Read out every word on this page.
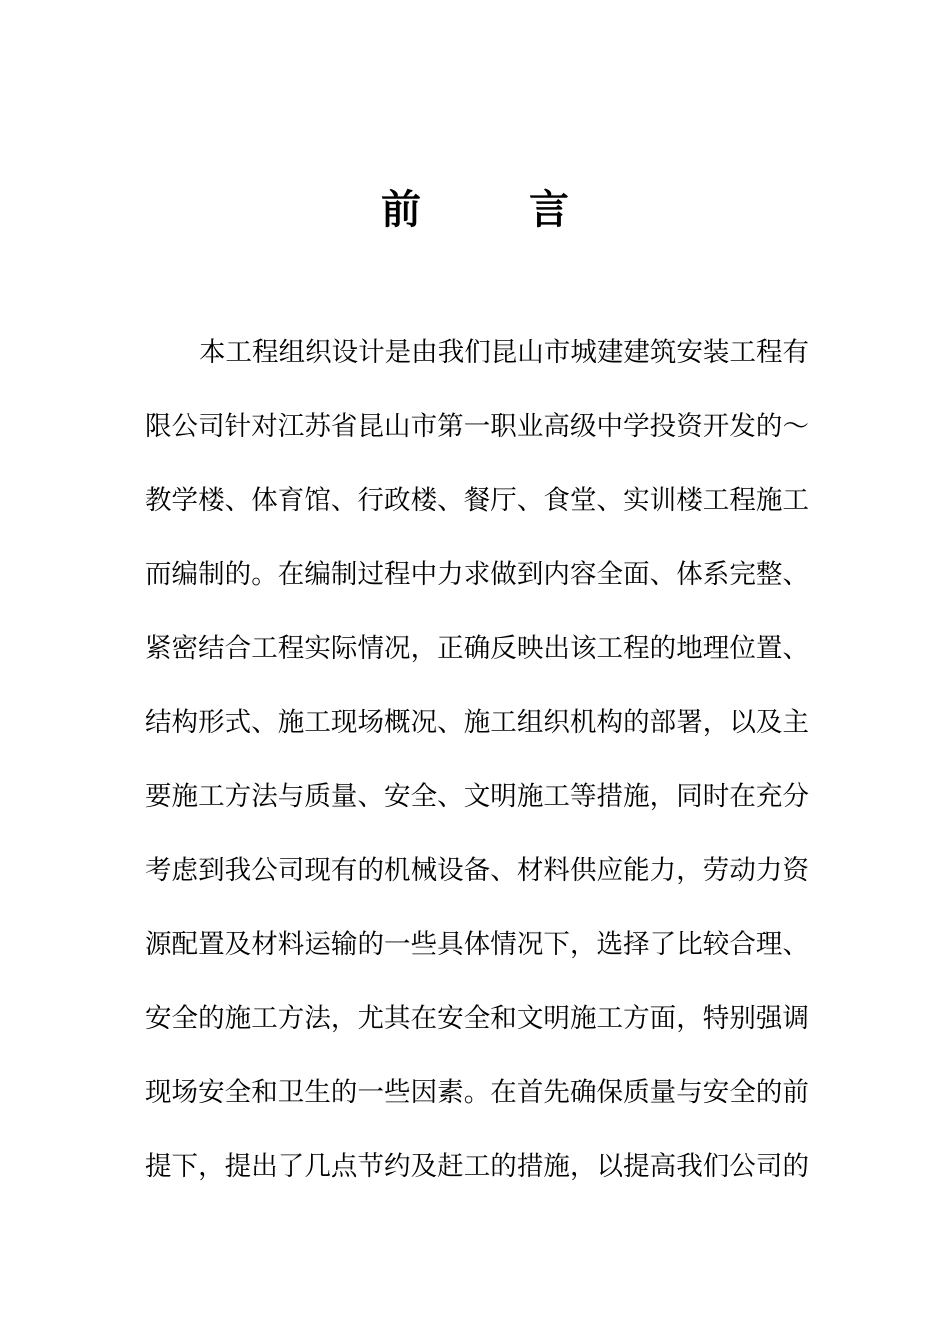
前	言
本工程组织设计是由我们昆山市城建建筑安装工程有
限公司针对江苏省昆山市第一职业高级中学投资开发的～
教学楼、体育馆、行政楼、餐厅、食堂、实训楼工程施工
而编制的。在编制过程中力求做到内容全面、体系完整、
紧密结合工程实际情况，正确反映出该工程的地理位置、
结构形式、施工现场概况、施工组织机构的部署，以及主
要施工方法与质量、安全、文明施工等措施，同时在充分
考虑到我公司现有的机械设备、材料供应能力，劳动力资
源配置及材料运输的一些具体情况下，选择了比较合理、
安全的施工方法，尤其在安全和文明施工方面，特别强调
现场安全和卫生的一些因素。在首先确保质量与安全的前
提下，提出了几点节约及赶工的措施，以提高我们公司的
